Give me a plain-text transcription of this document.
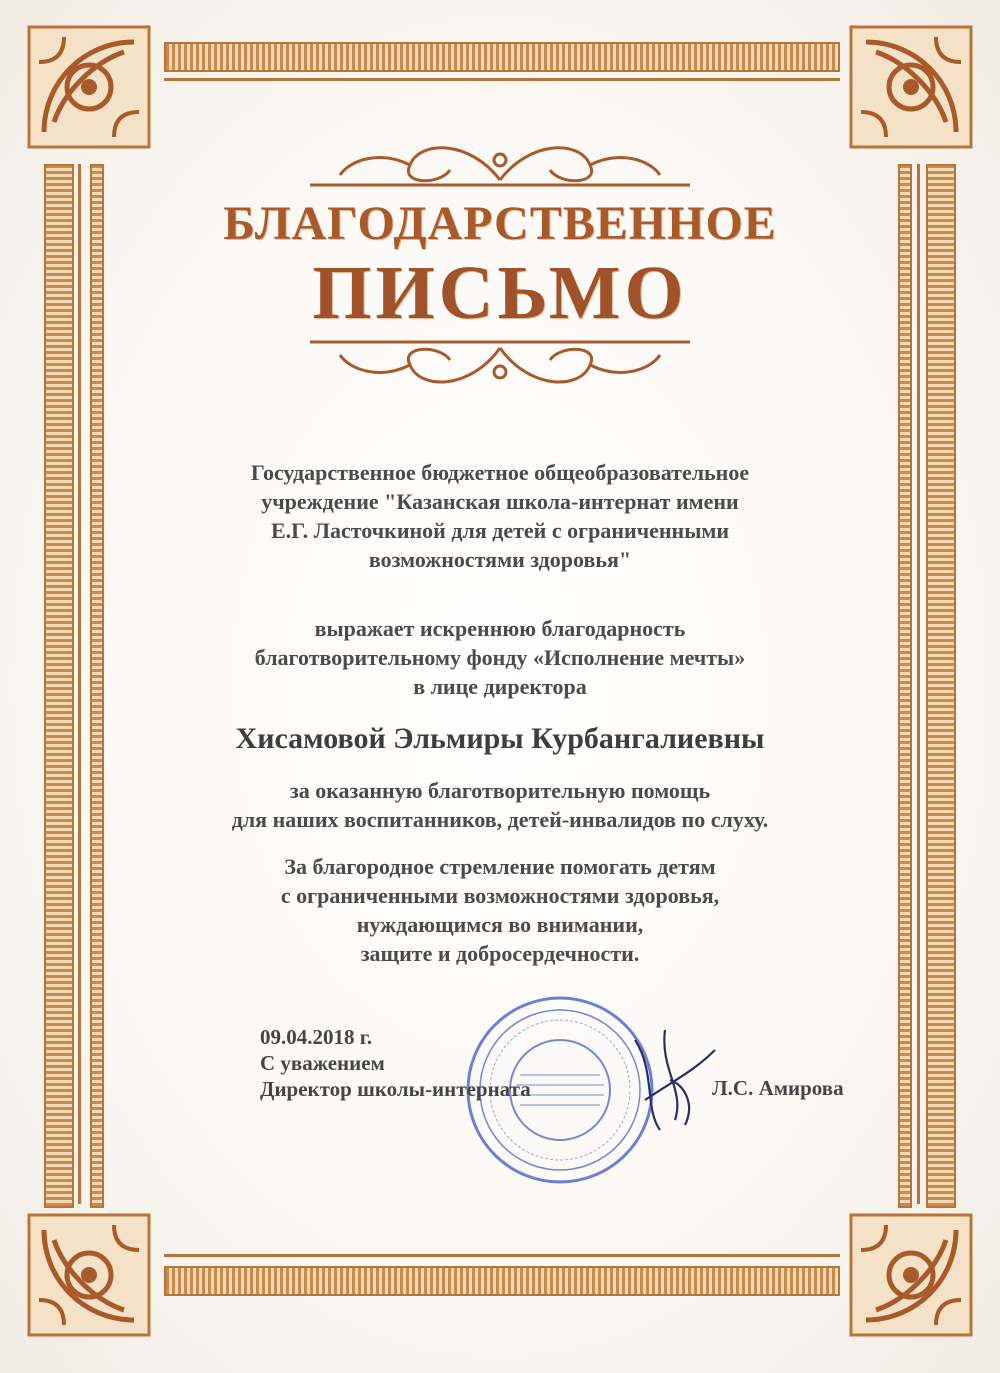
БЛАГОДАРСТВЕННОЕ
ПИСЬМО
Государственное бюджетное общеобразовательное
учреждение "Казанская школа-интернат имени
Е.Г. Ласточкиной для детей с ограниченными
возможностями здоровья"
выражает искреннюю благодарность
благотворительному фонду «Исполнение мечты»
в лице директора
Хисамовой Эльмиры Курбангалиевны
за оказанную благотворительную помощь
для наших воспитанников, детей-инвалидов по слуху.
За благородное стремление помогать детям
с ограниченными возможностями здоровья,
нуждающимся во внимании,
защите и добросердечности.
09.04.2018 г.
С уважением
Директор школы-интерната	Л.С. Амирова
